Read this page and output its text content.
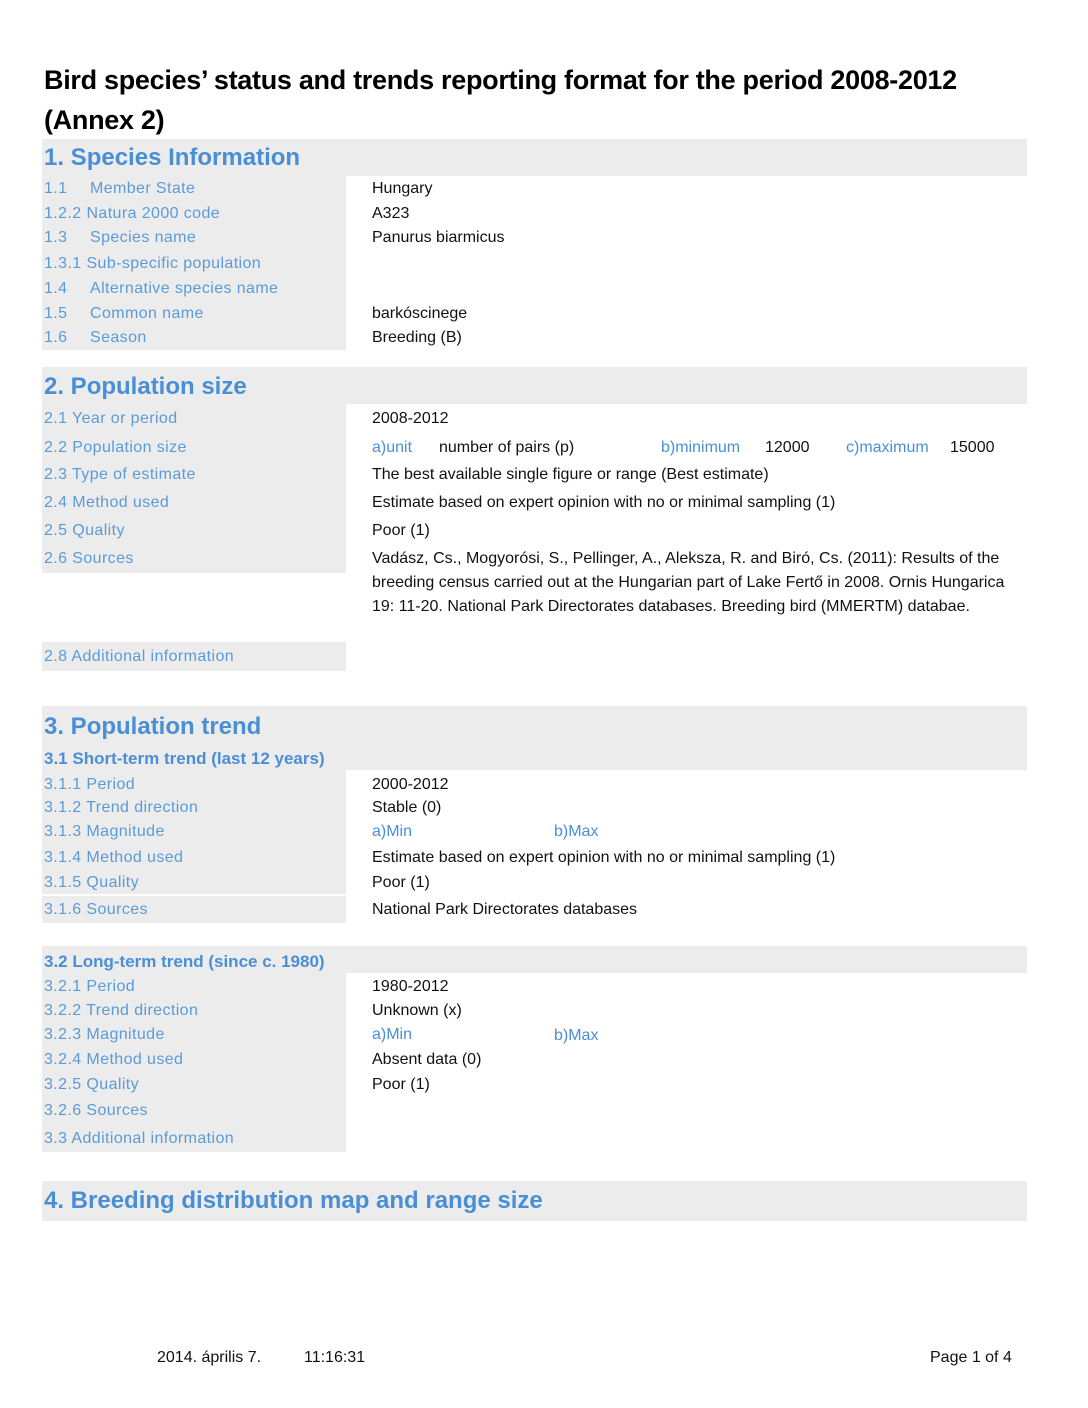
Bird species’ status and trends reporting format for the period 2008-2012 (Annex 2)
1. Species Information
1.1 Member State	Hungary
1.2.2 Natura 2000 code	A323
1.3 Species name	Panurus biarmicus
1.3.1 Sub-specific population
1.4 Alternative species name
1.5 Common name	barkóscinege
1.6 Season	Breeding (B)
2. Population size
2.1 Year or period	2008-2012
2.2 Population size	a)unit number of pairs (p)	b)minimum 12000 c)maximum 15000
2.3 Type of estimate	The best available single figure or range (Best estimate)
2.4 Method used	Estimate based on expert opinion with no or minimal sampling (1)
2.5 Quality	Poor (1)
2.6 Sources	Vadász, Cs., Mogyorósi, S., Pellinger, A., Aleksza, R. and Biró, Cs. (2011): Results of the breeding census carried out at the Hungarian part of Lake Fertő in 2008. Ornis Hungarica 19: 11-20. National Park Directorates databases. Breeding bird (MMERTM) databae.
2.8 Additional information
3. Population trend
3.1 Short-term trend (last 12 years)
3.1.1 Period	2000-2012
3.1.2 Trend direction	Stable (0)
3.1.3 Magnitude	a)Min	b)Max
3.1.4 Method used	Estimate based on expert opinion with no or minimal sampling (1)
3.1.5 Quality	Poor (1)
3.1.6 Sources	National Park Directorates databases
3.2 Long-term trend (since c. 1980)
3.2.1 Period	1980-2012
3.2.2 Trend direction	Unknown (x)
3.2.3 Magnitude	a)Min	b)Max
3.2.4 Method used	Absent data (0)
3.2.5 Quality	Poor (1)
3.2.6 Sources
3.3 Additional information
4. Breeding distribution map and range size
2014. április 7.	11:16:31	Page 1 of 4
